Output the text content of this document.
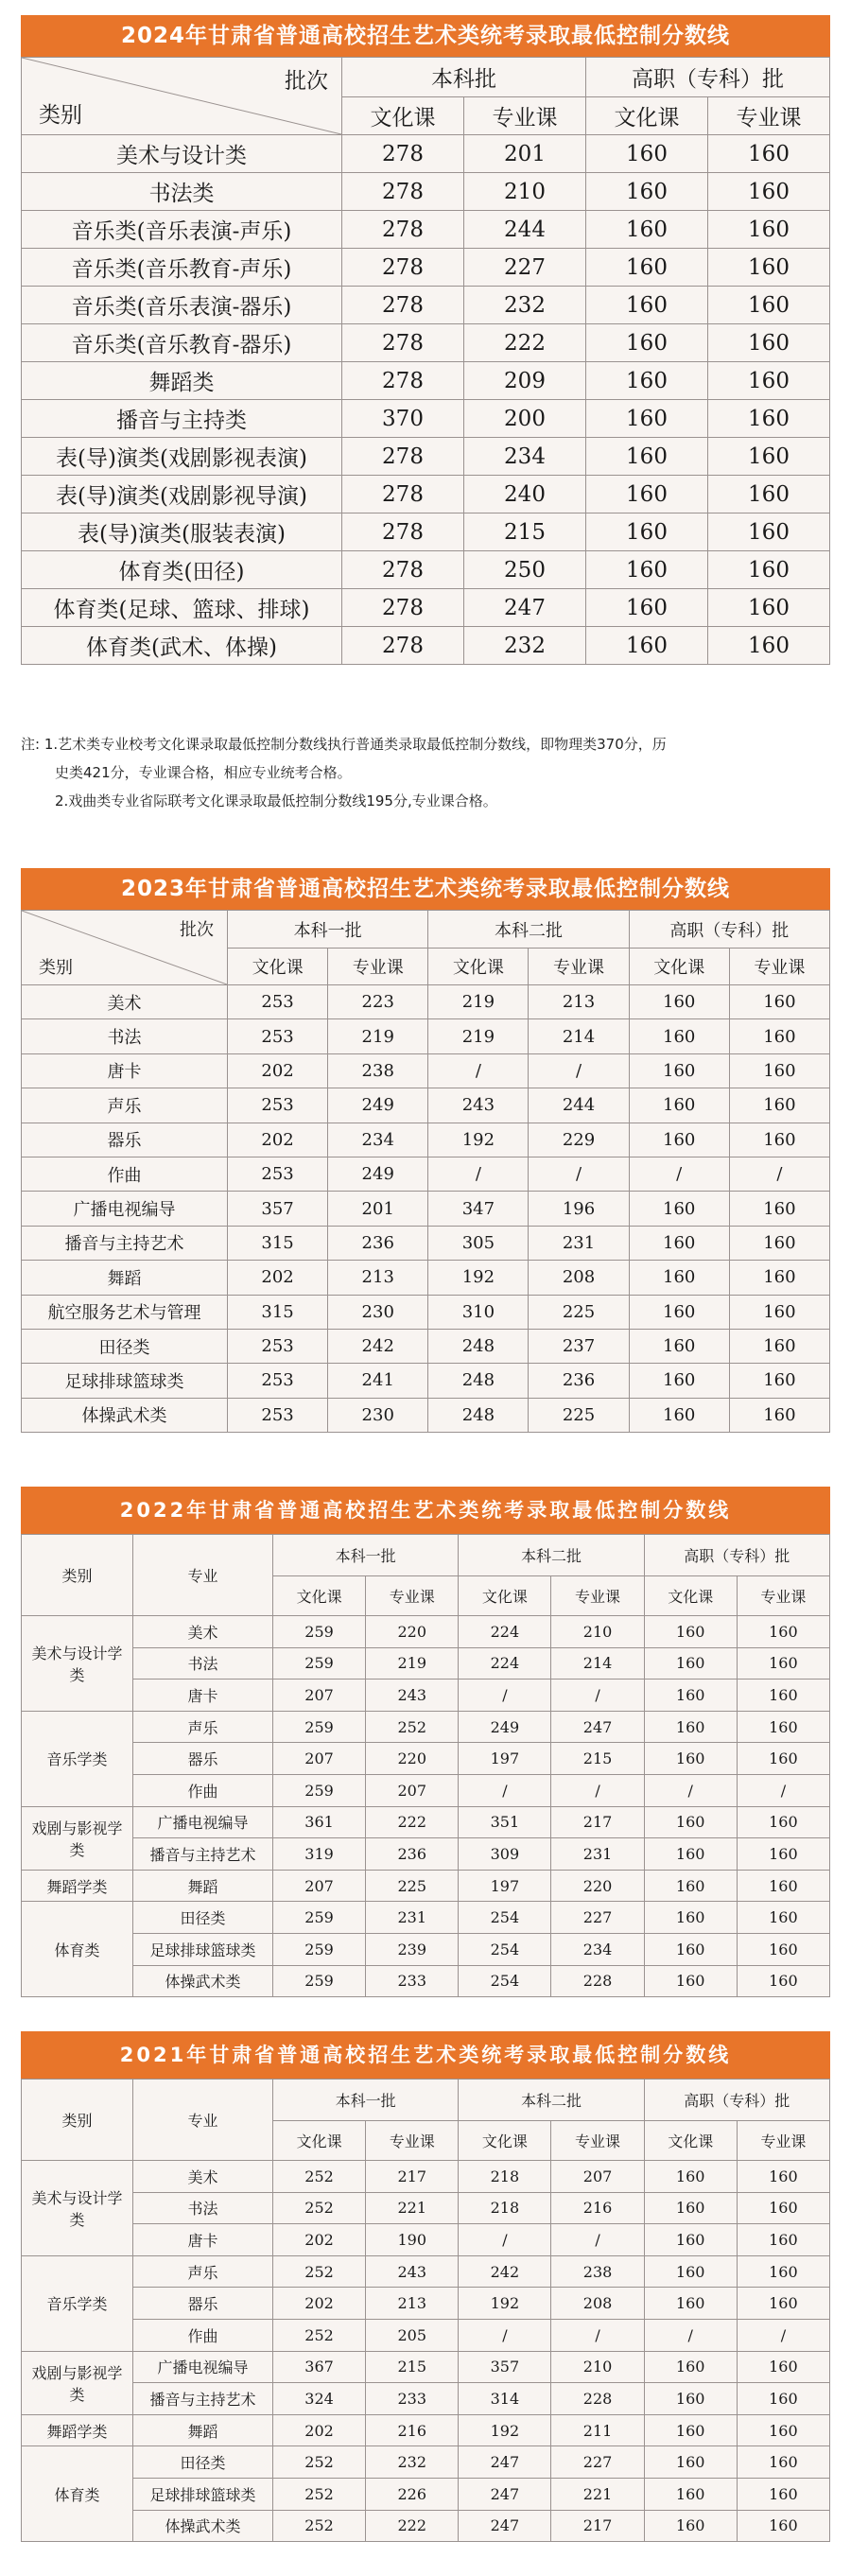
2024年甘肃省普通高校招生艺术类统考录取最低控制分数线
批次
类别	本科批		高职（专科）批	
	文化课	专业课	文化课	专业课
美术与设计类	278	201	160	160
书法类	278	210	160	160
音乐类(音乐表演-声乐)	278	244	160	160
音乐类(音乐教育-声乐)	278	227	160	160
音乐类(音乐表演-器乐)	278	232	160	160
音乐类(音乐教育-器乐)	278	222	160	160
舞蹈类	278	209	160	160
播音与主持类	370	200	160	160
表(导)演类(戏剧影视表演)	278	234	160	160
表(导)演类(戏剧影视导演)	278	240	160	160
表(导)演类(服装表演)	278	215	160	160
体育类(田径)	278	250	160	160
体育类(足球、篮球、排球)	278	247	160	160
体育类(武术、体操)	278	232	160	160

注: 1.艺术类专业校考文化课录取最低控制分数线执行普通类录取最低控制分数线，即物理类370分，历

史类421分，专业课合格，相应专业统考合格。

2.戏曲类专业省际联考文化课录取最低控制分数线195分,专业课合格。

2023年甘肃省普通高校招生艺术类统考录取最低控制分数线
批次
类别	本科一批		本科二批		高职（专科）批	
	文化课	专业课	文化课	专业课	文化课	专业课
美术	253	223	219	213	160	160
书法	253	219	219	214	160	160
唐卡	202	238	/	/	160	160
声乐	253	249	243	244	160	160
器乐	202	234	192	229	160	160
作曲	253	249	/	/	/	/
广播电视编导	357	201	347	196	160	160
播音与主持艺术	315	236	305	231	160	160
舞蹈	202	213	192	208	160	160
航空服务艺术与管理	315	230	310	225	160	160
田径类	253	242	248	237	160	160
足球排球篮球类	253	241	248	236	160	160
体操武术类	253	230	248	225	160	160
2022年甘肃省普通高校招生艺术类统考录取最低控制分数线
类别	专业	本科一批		本科二批		高职（专科）批	
		文化课	专业课	文化课	专业课	文化课	专业课
美术与设计学类	美术	259	220	224	210	160	160
	书法	259	219	224	214	160	160
	唐卡	207	243	/	/	160	160
音乐学类	声乐	259	252	249	247	160	160
	器乐	207	220	197	215	160	160
	作曲	259	207	/	/	/	/
戏剧与影视学类	广播电视编导	361	222	351	217	160	160
	播音与主持艺术	319	236	309	231	160	160
舞蹈学类	舞蹈	207	225	197	220	160	160
体育类	田径类	259	231	254	227	160	160
	足球排球篮球类	259	239	254	234	160	160
	体操武术类	259	233	254	228	160	160
2021年甘肃省普通高校招生艺术类统考录取最低控制分数线
类别	专业	本科一批		本科二批		高职（专科）批	
		文化课	专业课	文化课	专业课	文化课	专业课
美术与设计学类	美术	252	217	218	207	160	160
	书法	252	221	218	216	160	160
	唐卡	202	190	/	/	160	160
音乐学类	声乐	252	243	242	238	160	160
	器乐	202	213	192	208	160	160
	作曲	252	205	/	/	/	/
戏剧与影视学类	广播电视编导	367	215	357	210	160	160
	播音与主持艺术	324	233	314	228	160	160
舞蹈学类	舞蹈	202	216	192	211	160	160
体育类	田径类	252	232	247	227	160	160
	足球排球篮球类	252	226	247	221	160	160
	体操武术类	252	222	247	217	160	160
